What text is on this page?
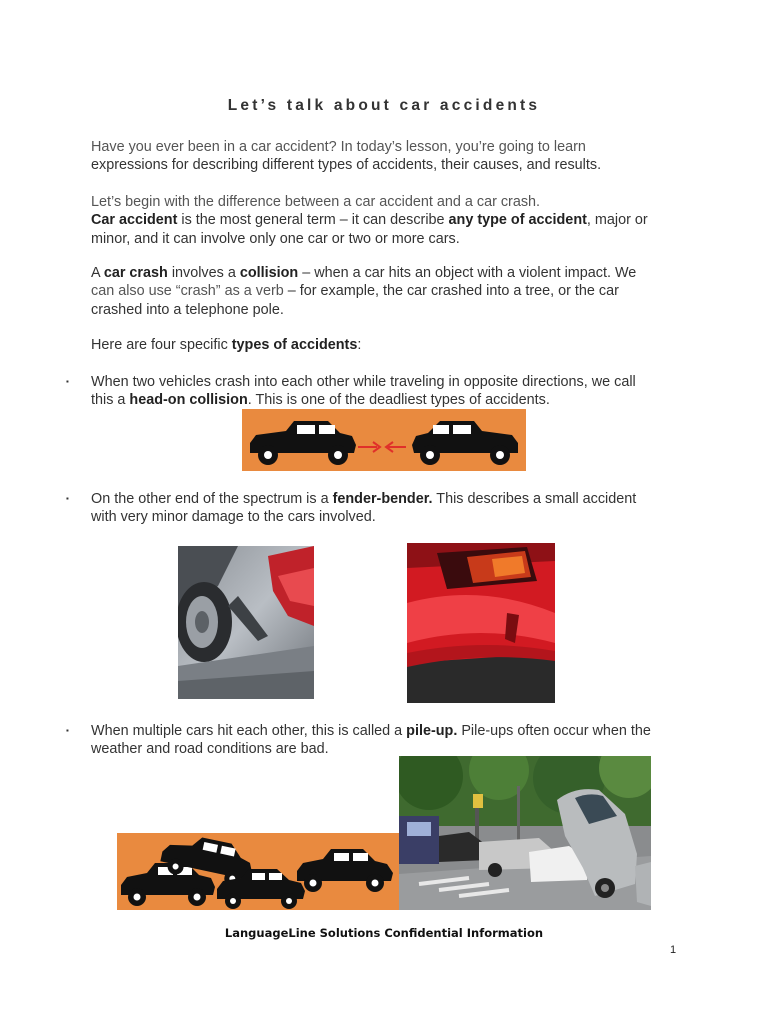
Let’s talk about car accidents
Have you ever been in a car accident? In today’s lesson, you’re going to learn
expressions for describing different types of accidents, their causes, and results.
Let’s begin with the difference between a car accident and a car crash.
Car accident is the most general term – it can describe any type of accident, major or
minor, and it can involve only one car or two or more cars.
A car crash involves a collision – when a car hits an object with a violent impact. We
can also use “crash” as a verb – for example, the car crashed into a tree, or the car
crashed into a telephone pole.
Here are four specific types of accidents:
▪	When two vehicles crash into each other while traveling in opposite directions, we call
this a head-on collision. This is one of the deadliest types of accidents.
▪	On the other end of the spectrum is a fender-bender. This describes a small accident
with very minor damage to the cars involved.
▪	When multiple cars hit each other, this is called a pile-up. Pile-ups often occur when the
weather and road conditions are bad.
LanguageLine Solutions Confidential Information
1
